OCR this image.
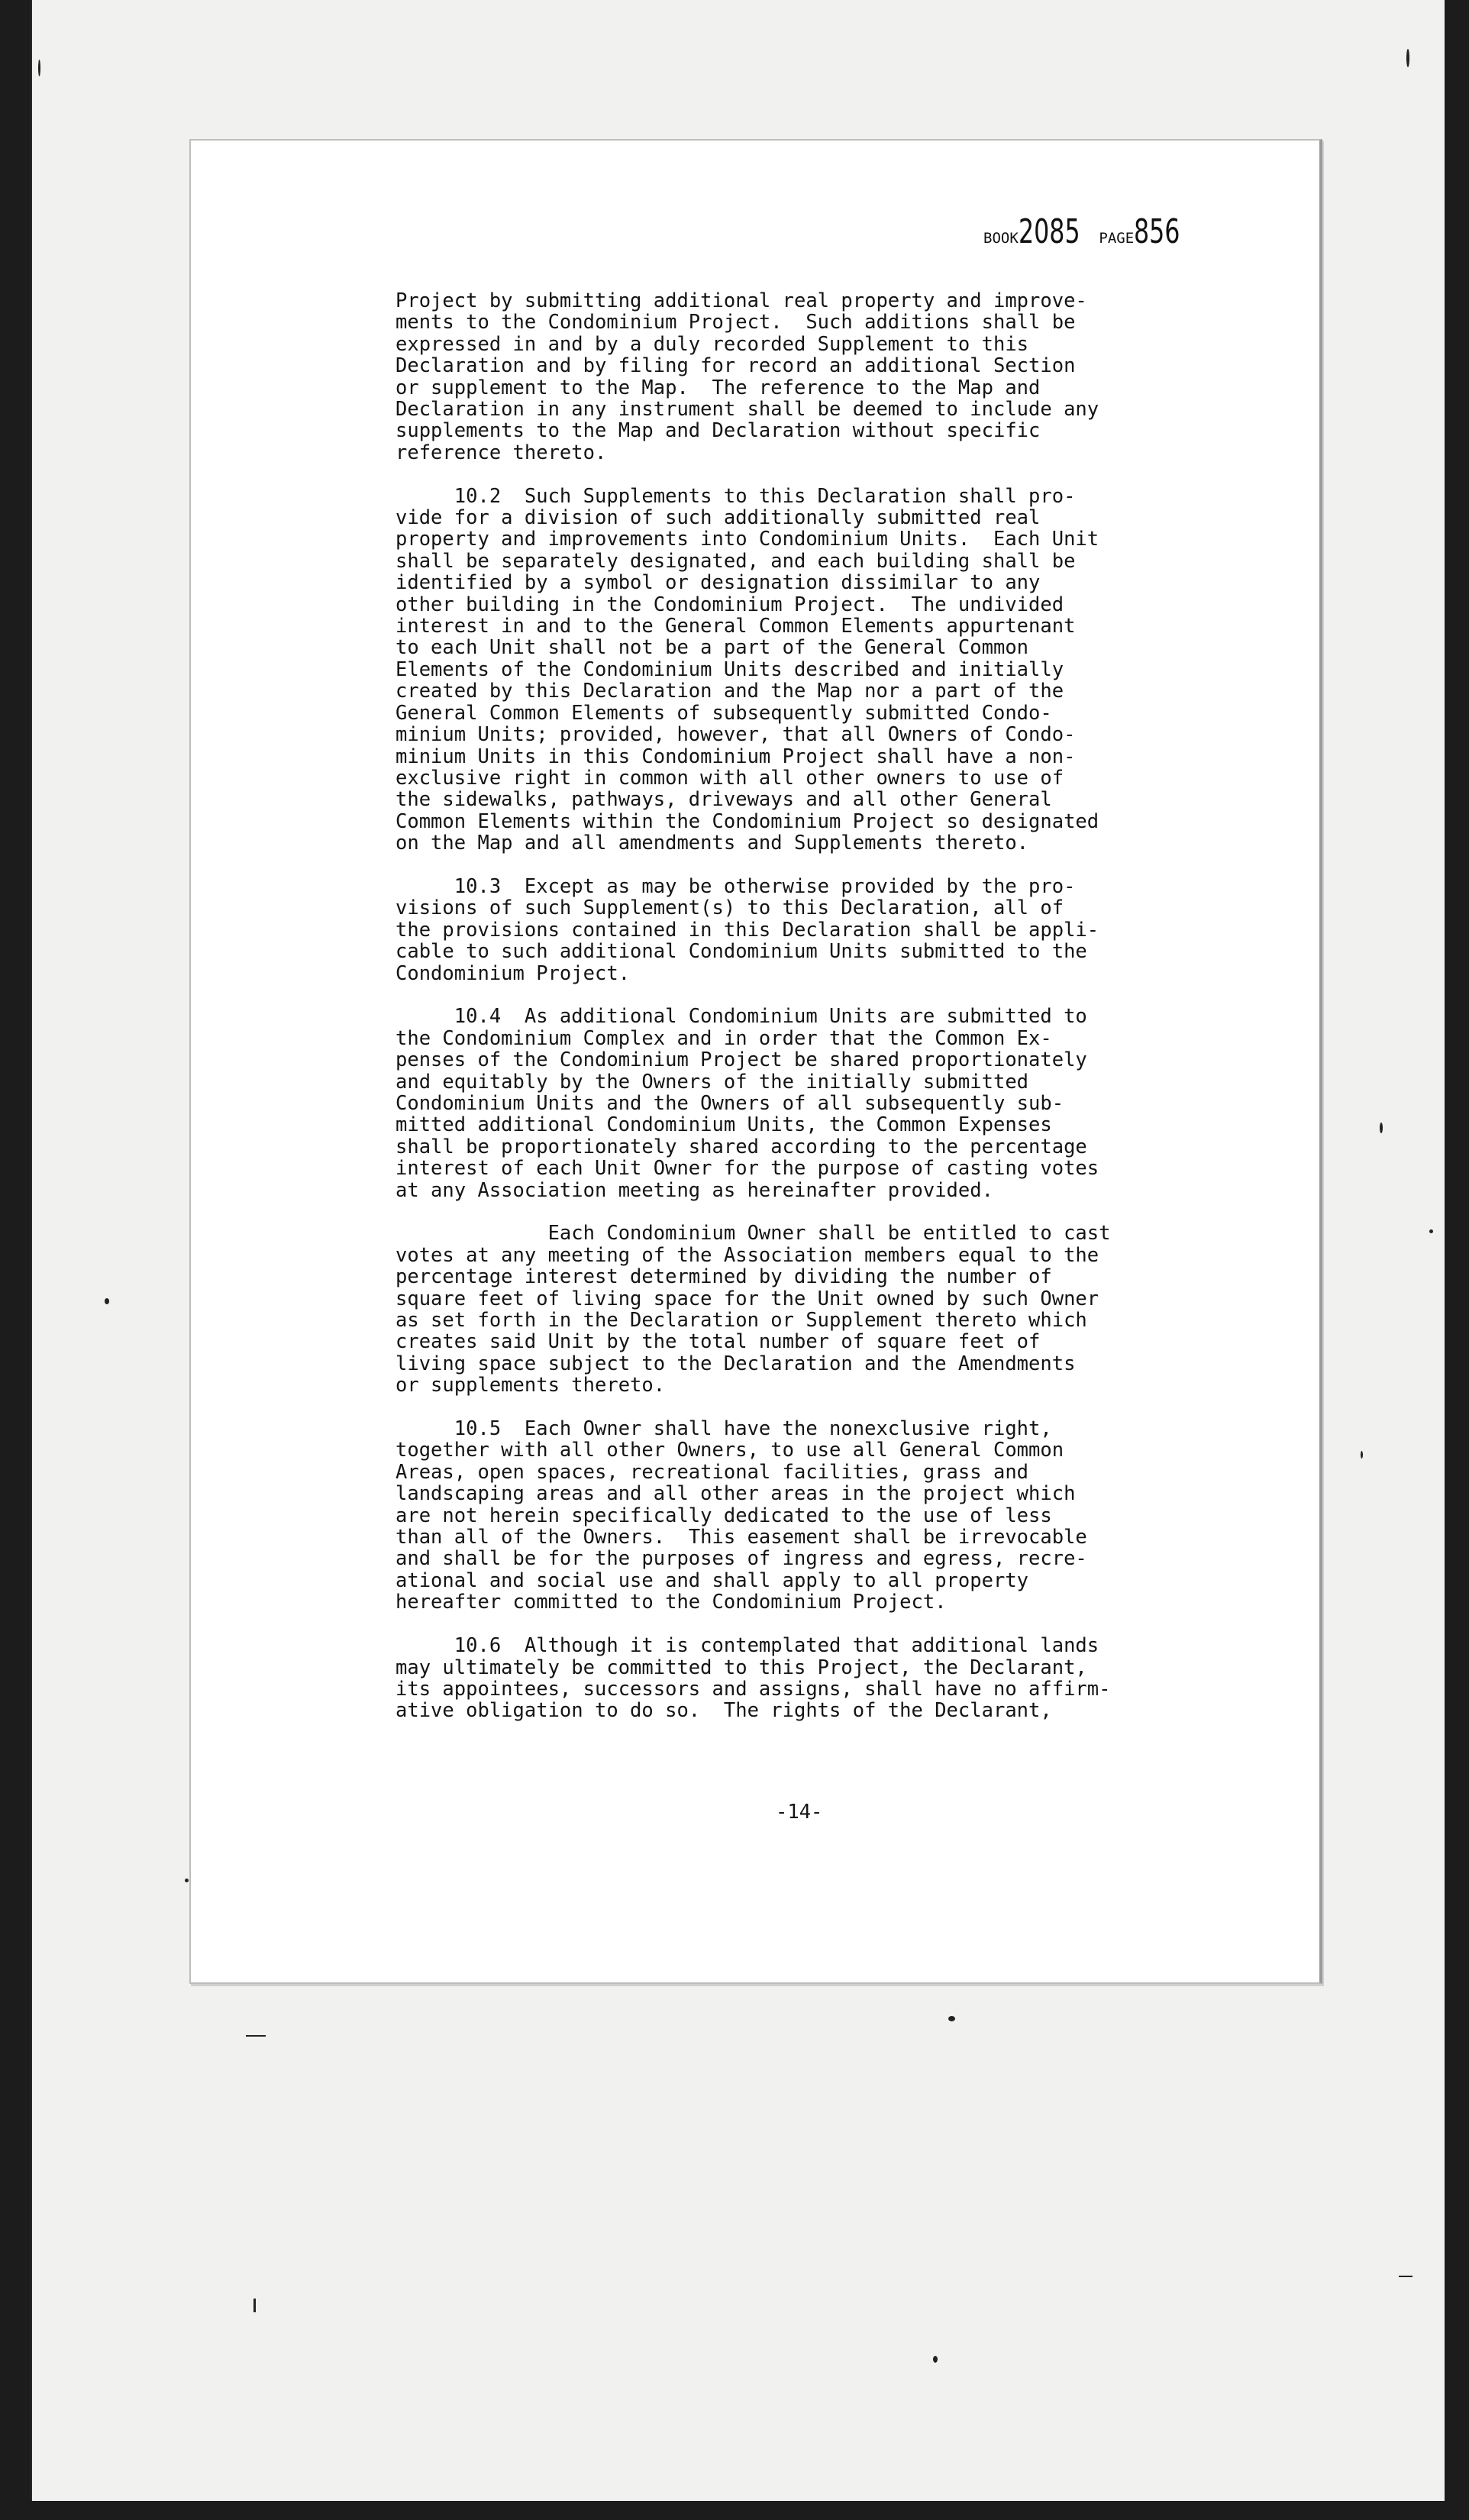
BOOK2085 PAGE856
Project by submitting additional real property and improve-
ments to the Condominium Project.  Such additions shall be
expressed in and by a duly recorded Supplement to this
Declaration and by filing for record an additional Section
or supplement to the Map.  The reference to the Map and
Declaration in any instrument shall be deemed to include any
supplements to the Map and Declaration without specific
reference thereto.
10.2  Such Supplements to this Declaration shall pro-
vide for a division of such additionally submitted real
property and improvements into Condominium Units.  Each Unit
shall be separately designated, and each building shall be
identified by a symbol or designation dissimilar to any
other building in the Condominium Project.  The undivided
interest in and to the General Common Elements appurtenant
to each Unit shall not be a part of the General Common
Elements of the Condominium Units described and initially
created by this Declaration and the Map nor a part of the
General Common Elements of subsequently submitted Condo-
minium Units; provided, however, that all Owners of Condo-
minium Units in this Condominium Project shall have a non-
exclusive right in common with all other owners to use of
the sidewalks, pathways, driveways and all other General
Common Elements within the Condominium Project so designated
on the Map and all amendments and Supplements thereto.
10.3  Except as may be otherwise provided by the pro-
visions of such Supplement(s) to this Declaration, all of
the provisions contained in this Declaration shall be appli-
cable to such additional Condominium Units submitted to the
Condominium Project.
10.4  As additional Condominium Units are submitted to
the Condominium Complex and in order that the Common Ex-
penses of the Condominium Project be shared proportionately
and equitably by the Owners of the initially submitted
Condominium Units and the Owners of all subsequently sub-
mitted additional Condominium Units, the Common Expenses
shall be proportionately shared according to the percentage
interest of each Unit Owner for the purpose of casting votes
at any Association meeting as hereinafter provided.
Each Condominium Owner shall be entitled to cast
votes at any meeting of the Association members equal to the
percentage interest determined by dividing the number of
square feet of living space for the Unit owned by such Owner
as set forth in the Declaration or Supplement thereto which
creates said Unit by the total number of square feet of
living space subject to the Declaration and the Amendments
or supplements thereto.
10.5  Each Owner shall have the nonexclusive right,
together with all other Owners, to use all General Common
Areas, open spaces, recreational facilities, grass and
landscaping areas and all other areas in the project which
are not herein specifically dedicated to the use of less
than all of the Owners.  This easement shall be irrevocable
and shall be for the purposes of ingress and egress, recre-
ational and social use and shall apply to all property
hereafter committed to the Condominium Project.
10.6  Although it is contemplated that additional lands
may ultimately be committed to this Project, the Declarant,
its appointees, successors and assigns, shall have no affirm-
ative obligation to do so.  The rights of the Declarant,
-14-
